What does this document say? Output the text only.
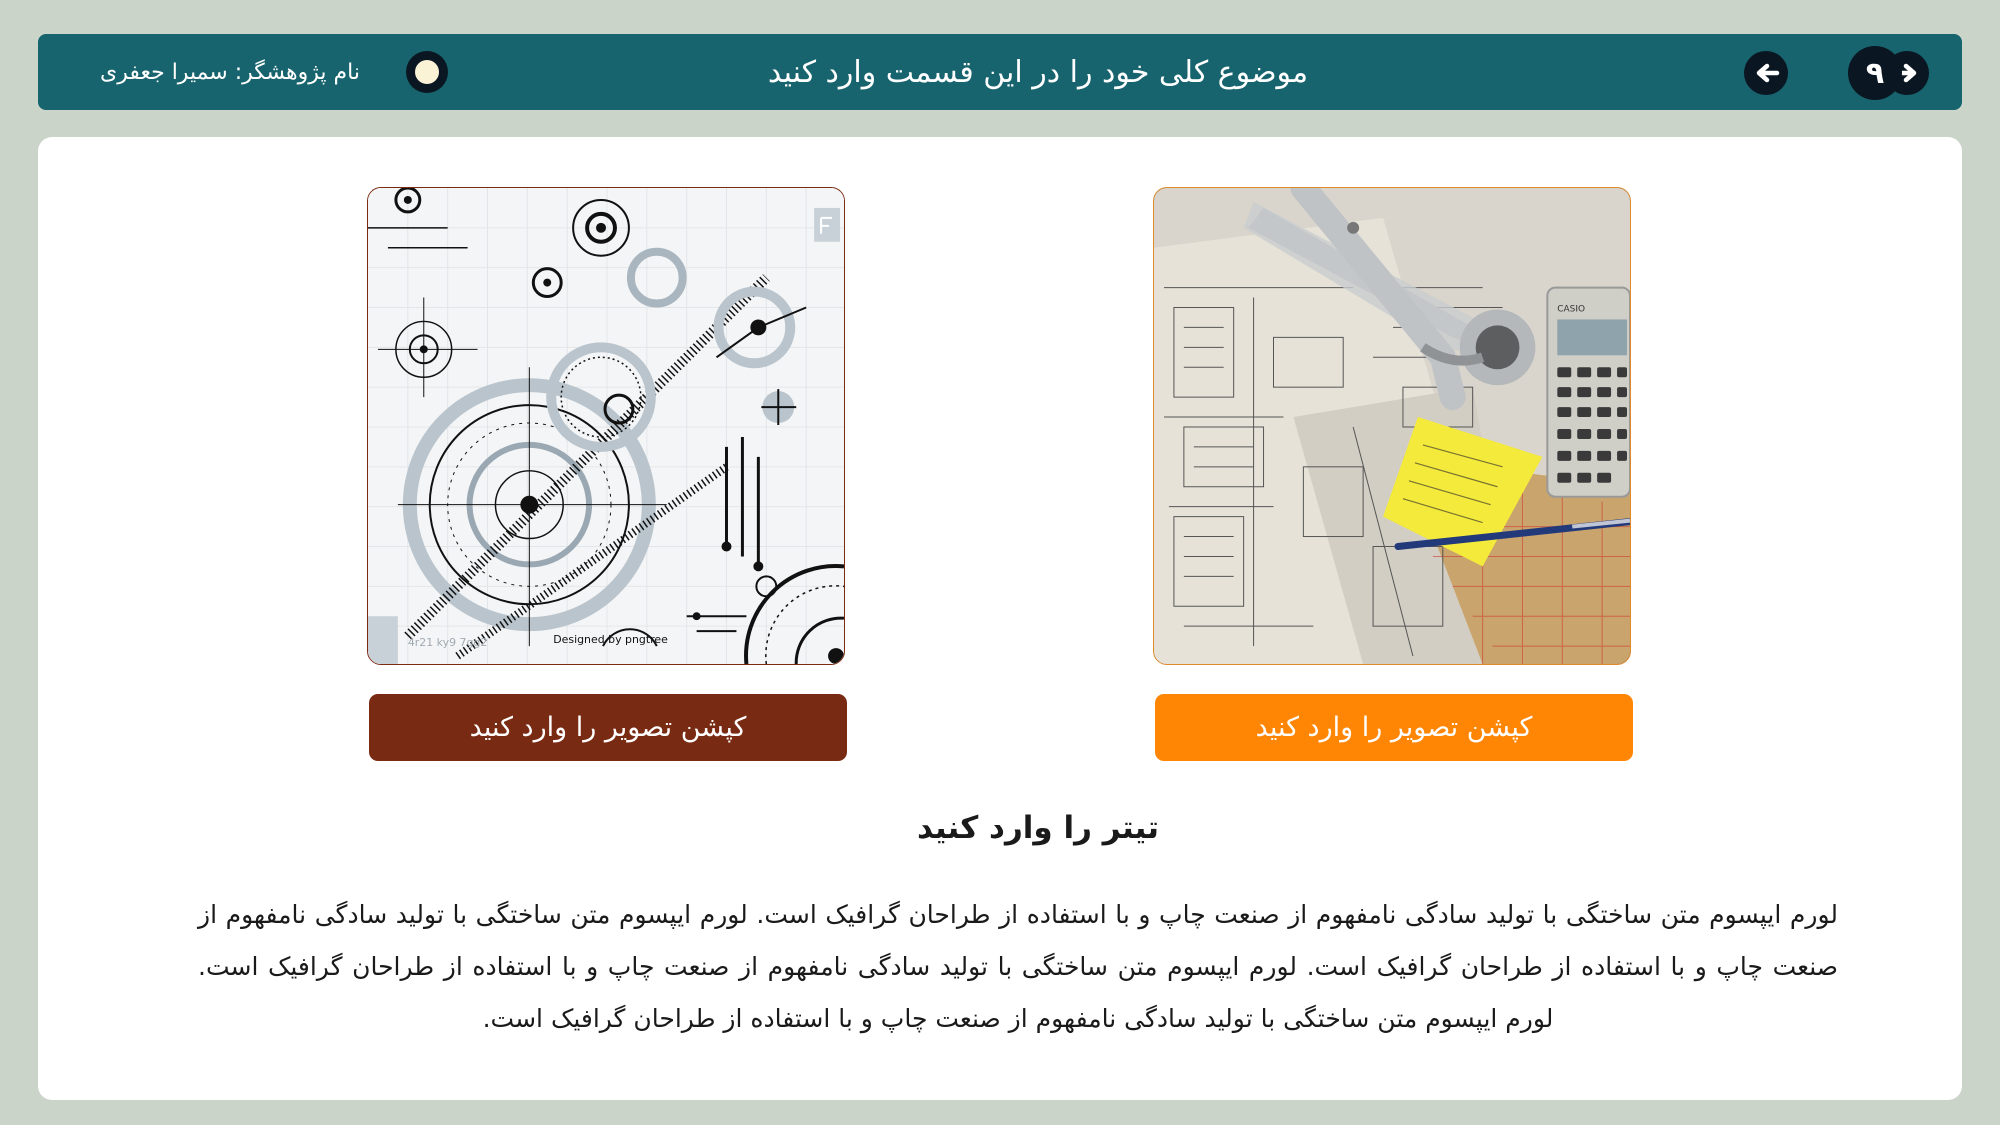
۹
موضوع کلی خود را در این قسمت وارد کنید
نام پژوهشگر: سمیرا جعفری
Designed by pngtree
4r21 ky9 7gg2
CASIO
کپشن تصویر را وارد کنید	کپشن تصویر را وارد کنید
تیتر را وارد کنید
لورم ایپسوم متن ساختگی با تولید سادگی نامفهوم از صنعت چاپ و با استفاده از طراحان گرافیک است. لورم ایپسوم متن ساختگی با تولید سادگی نامفهوم از صنعت چاپ و با استفاده از طراحان گرافیک است. لورم ایپسوم متن ساختگی با تولید سادگی نامفهوم از صنعت چاپ و با استفاده از طراحان گرافیک است. لورم ایپسوم متن ساختگی با تولید سادگی نامفهوم از صنعت چاپ و با استفاده از طراحان گرافیک است.
